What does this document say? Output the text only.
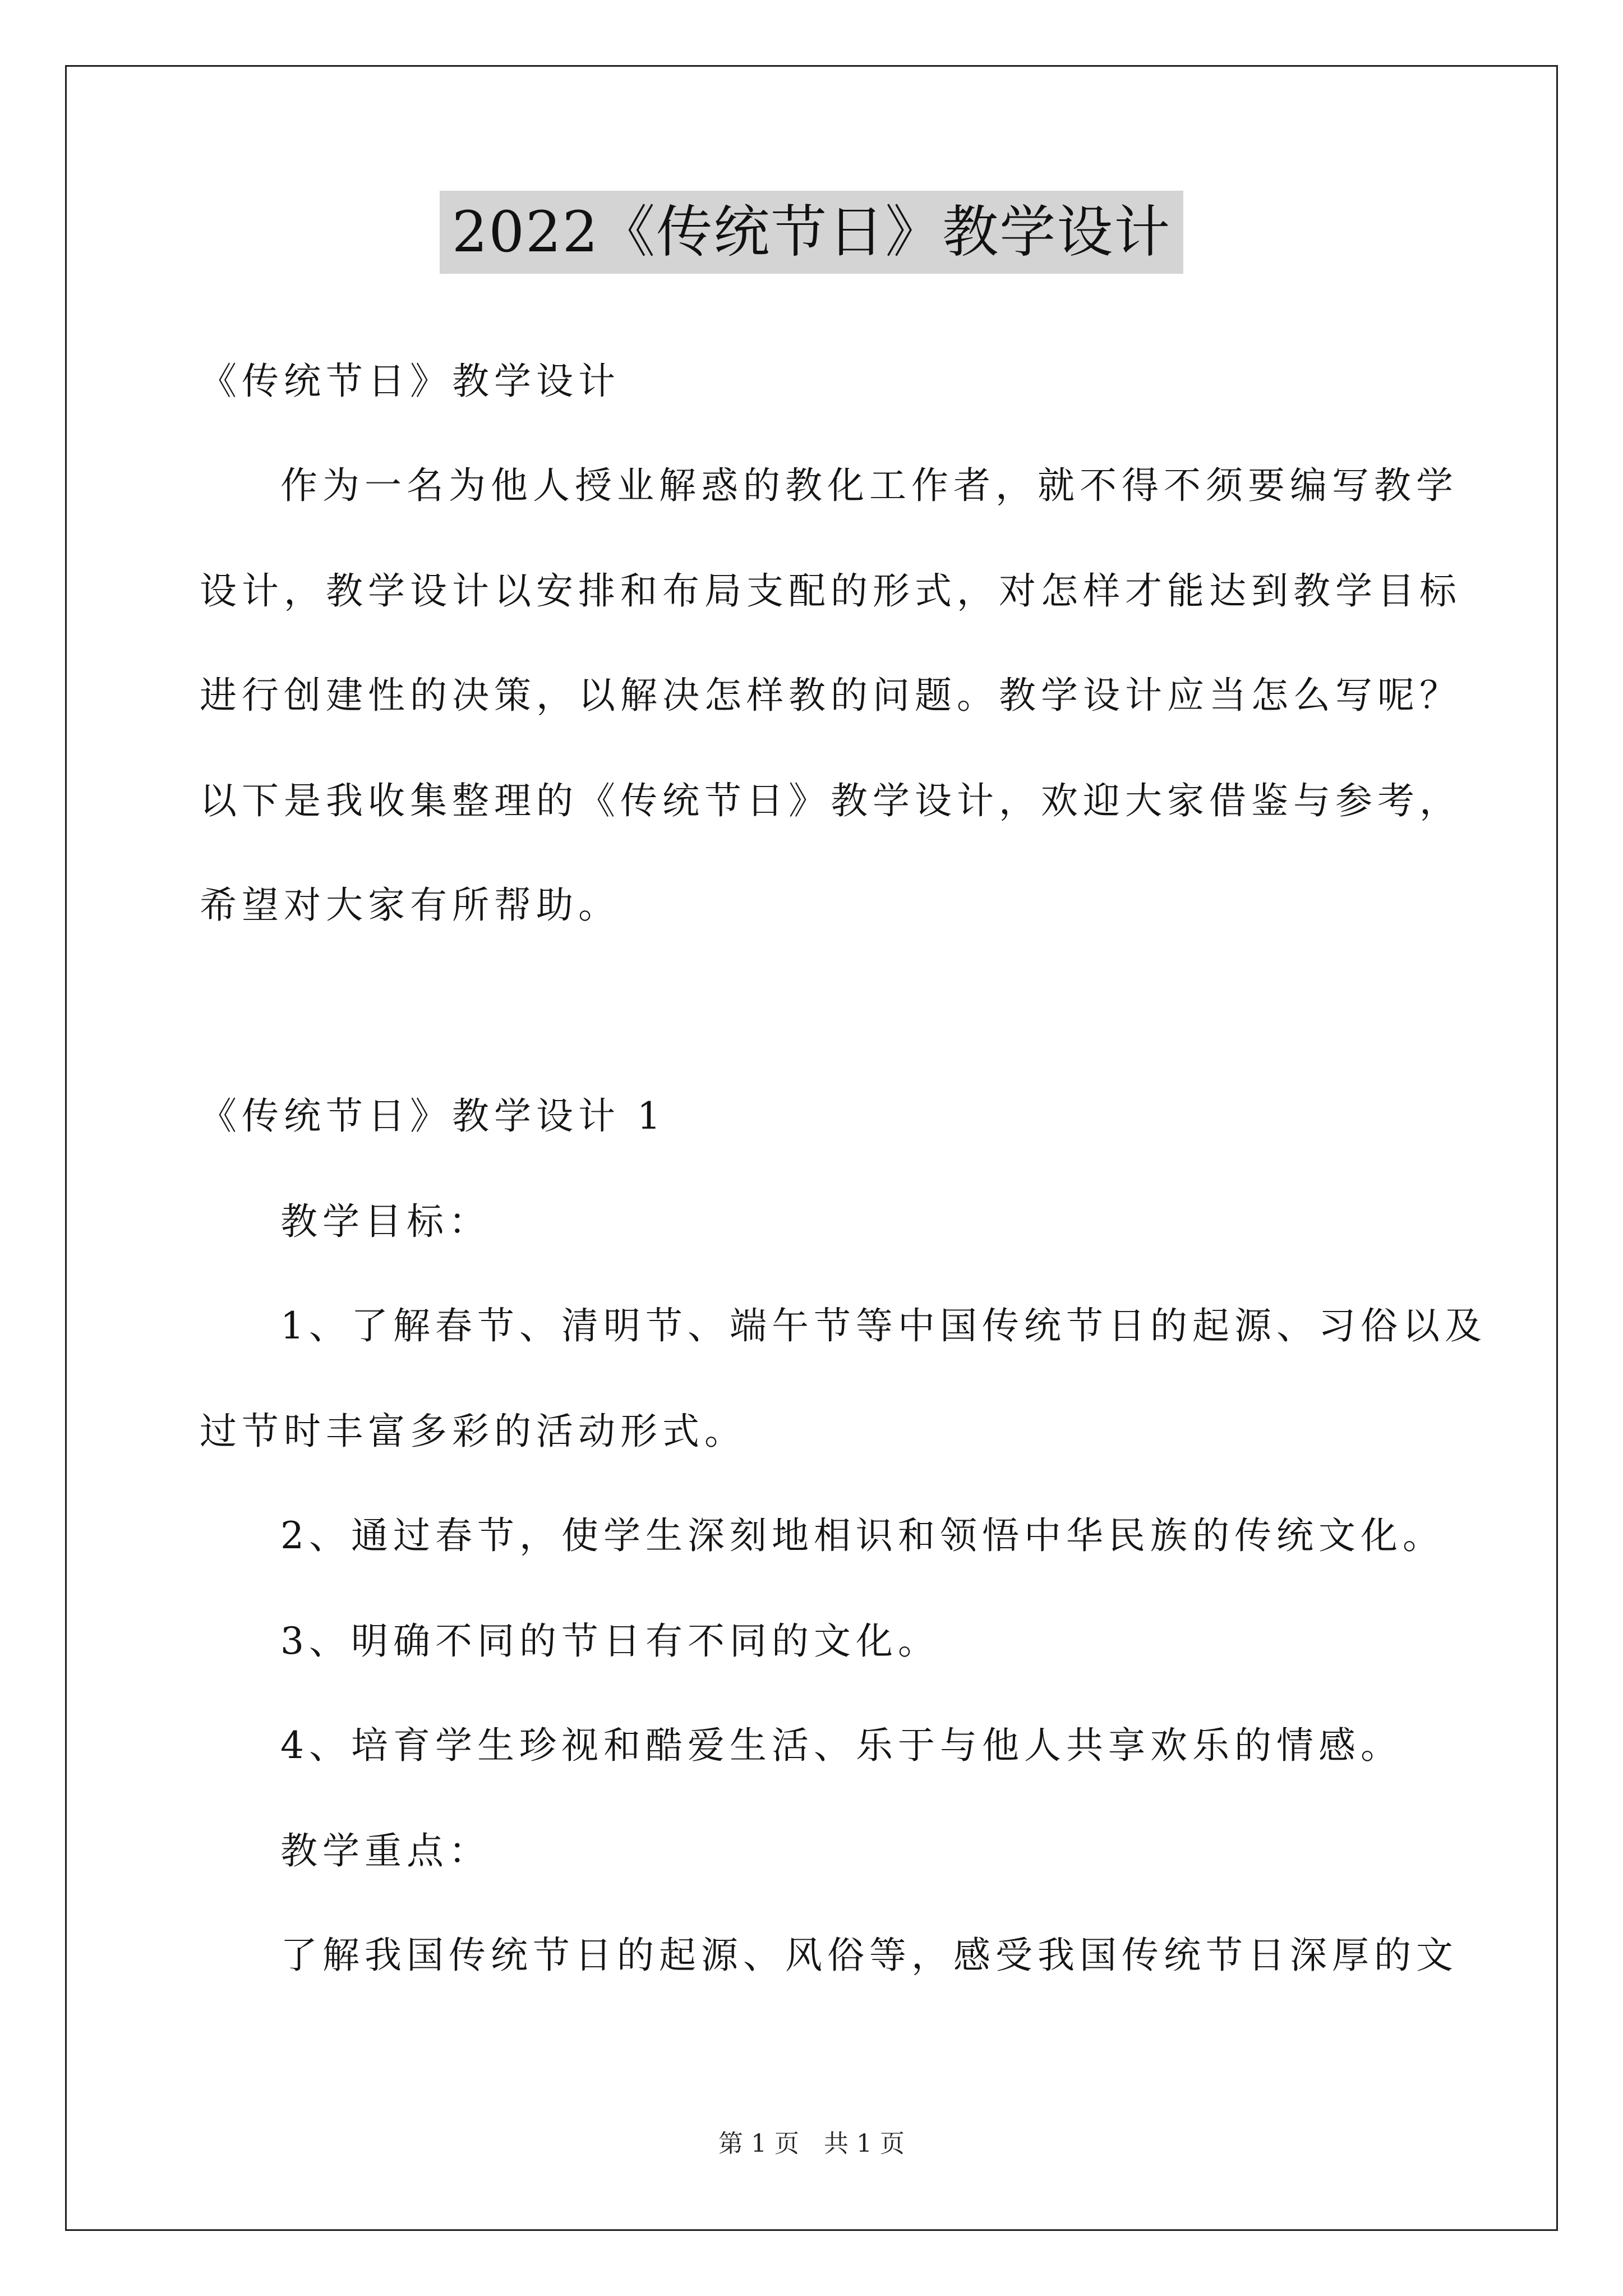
2022《传统节日》教学设计
《传统节日》教学设计
作为一名为他人授业解惑的教化工作者，就不得不须要编写教学
设计，教学设计以安排和布局支配的形式，对怎样才能达到教学目标
进行创建性的决策，以解决怎样教的问题。教学设计应当怎么写呢？
以下是我收集整理的《传统节日》教学设计，欢迎大家借鉴与参考，
希望对大家有所帮助。
《传统节日》教学设计 1
教学目标：
1、了解春节、清明节、端午节等中国传统节日的起源、习俗以及
过节时丰富多彩的活动形式。
2、通过春节，使学生深刻地相识和领悟中华民族的传统文化。
3、明确不同的节日有不同的文化。
4、培育学生珍视和酷爱生活、乐于与他人共享欢乐的情感。
教学重点：
了解我国传统节日的起源、风俗等，感受我国传统节日深厚的文
第 1 页　共 1 页
